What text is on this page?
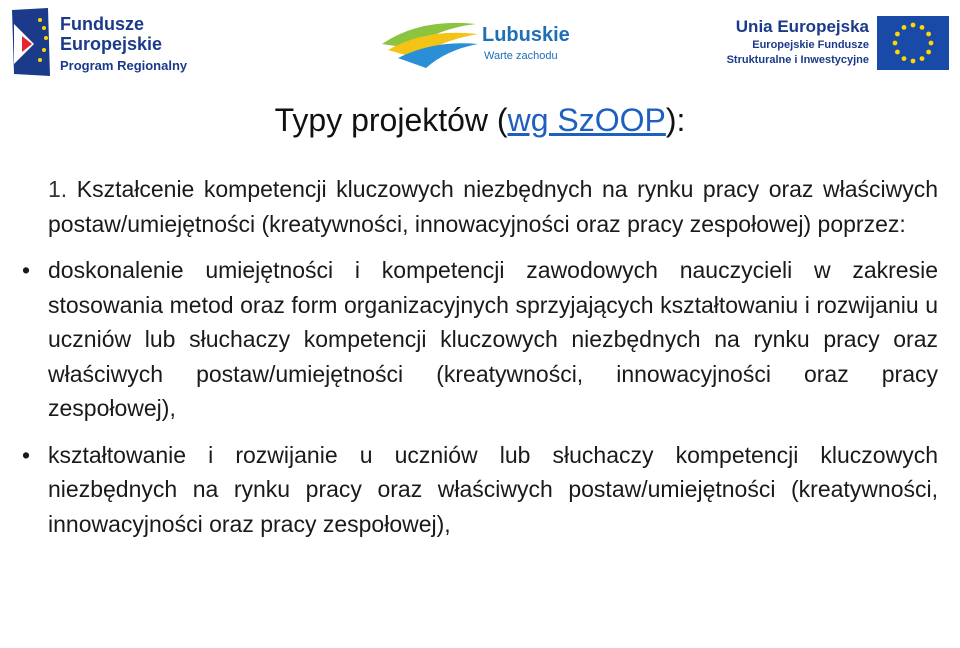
Fundusze
Europejskie
Program Regionalny
Lubuskie
Warte zachodu
Unia Europejska
Europejskie Fundusze
Strukturalne i Inwestycyjne
Typy projektów (wg SzOOP):

1. Kształcenie kompetencji kluczowych niezbędnych na rynku pracy oraz właściwych postaw/umiejętności (kreatywności, innowacyjności oraz pracy zespołowej) poprzez:

• doskonalenie umiejętności i kompetencji zawodowych nauczycieli w zakresie stosowania metod oraz form organizacyjnych sprzyjających kształtowaniu i rozwijaniu u uczniów lub słuchaczy kompetencji kluczowych niezbędnych na rynku pracy oraz właściwych postaw/umiejętności (kreatywności, innowacyjności oraz pracy zespołowej),
• kształtowanie i rozwijanie u uczniów lub słuchaczy kompetencji kluczowych niezbędnych na rynku pracy oraz właściwych postaw/umiejętności (kreatywności, innowacyjności oraz pracy zespołowej),
